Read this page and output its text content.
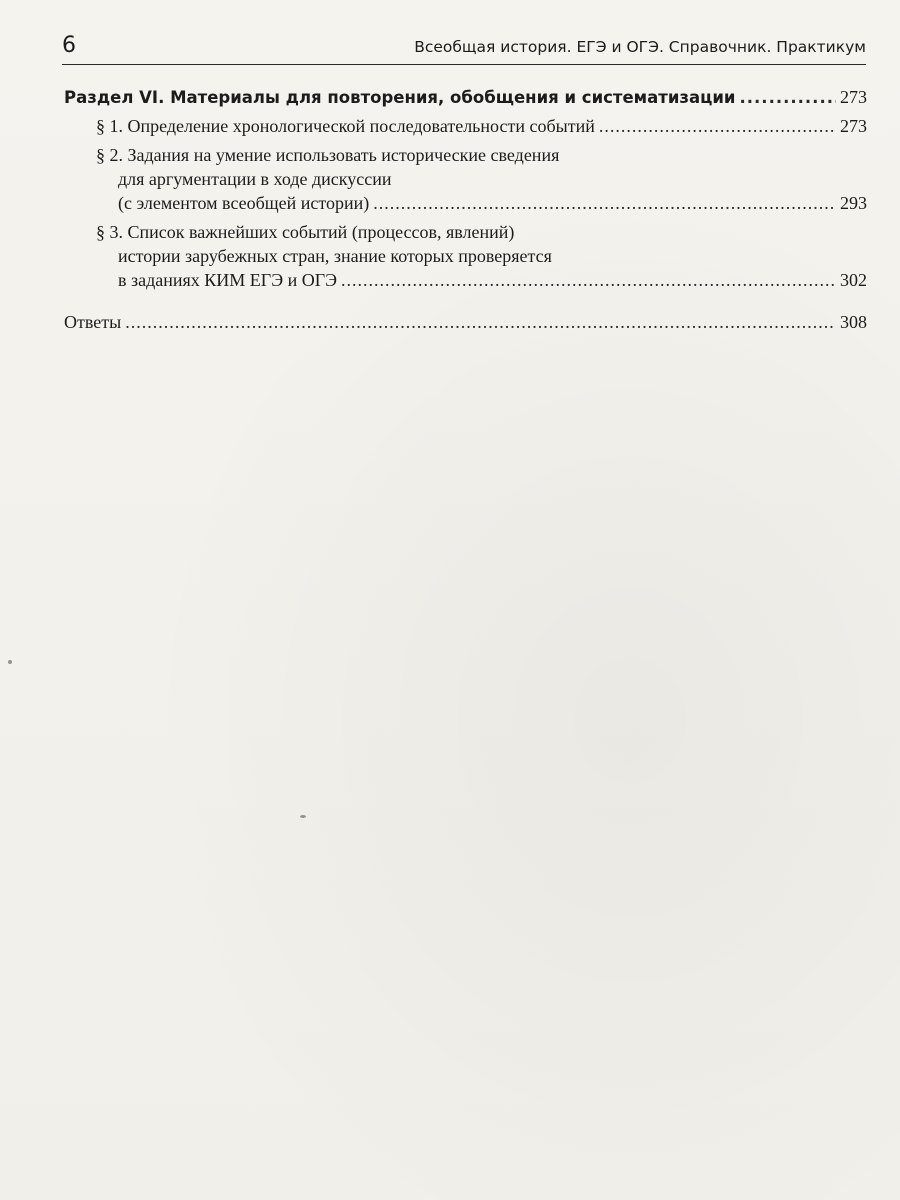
6	Всеобщая история. ЕГЭ и ОГЭ. Справочник. Практикум
Раздел VI. Материалы для повторения, обобщения и систематизации .....	273
§ 1. Определение хронологической последовательности событий .....	273
§ 2. Задания на умение использовать исторические сведения
для аргументации в ходе дискуссии
(с элементом всеобщей истории) .....	293
§ 3. Список важнейших событий (процессов, явлений)
истории зарубежных стран, знание которых проверяется
в заданиях КИМ ЕГЭ и ОГЭ .....	302
Ответы .....	308
